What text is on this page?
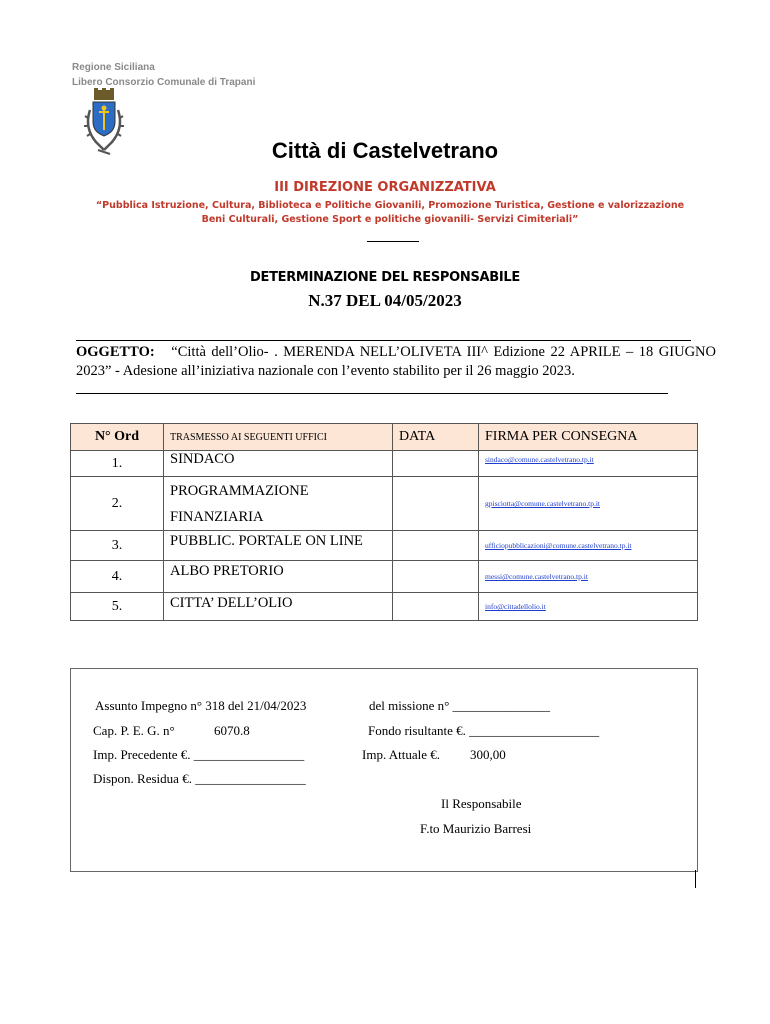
Regione Siciliana
Libero Consorzio Comunale di Trapani
Città di Castelvetrano
III DIREZIONE ORGANIZZATIVA
“Pubblica Istruzione, Cultura, Biblioteca e Politiche Giovanili, Promozione Turistica, Gestione e valorizzazione
Beni Culturali, Gestione Sport e politiche giovanili- Servizi Cimiteriali”
DETERMINAZIONE DEL RESPONSABILE
N.37 DEL 04/05/2023
OGGETTO: “Città dell’Olio- . MERENDA NELL’OLIVETA III^ Edizione 22 APRILE – 18 GIUGNO 2023” - Adesione all’iniziativa nazionale con l’evento stabilito per il 26 maggio 2023.
N° Ord	TRASMESSO AI SEGUENTI UFFICI	DATA	FIRMA PER CONSEGNA
1.	SINDACO		sindaco@comune.castelvetrano.tp.it
2.	PROGRAMMAZIONE
FINANZIARIA		gpisciotta@comune.castelvetrano.tp.it
3.	PUBBLIC. PORTALE ON LINE		ufficiopubblicazioni@comune.castelvetrano.tp.it
4.	ALBO PRETORIO		messi@comune.castelvetrano.tp.it
5.	CITTA’ DELL’OLIO		info@cittadellolio.it
Assunto Impegno n° 318 del 21/04/2023	del missione n° _______________
Cap. P. E. G. n°	6070.8	Fondo risultante €. ____________________
Imp. Precedente €. _________________	Imp. Attuale €. 300,00
Dispon. Residua €. _________________
Il Responsabile
F.to Maurizio Barresi
